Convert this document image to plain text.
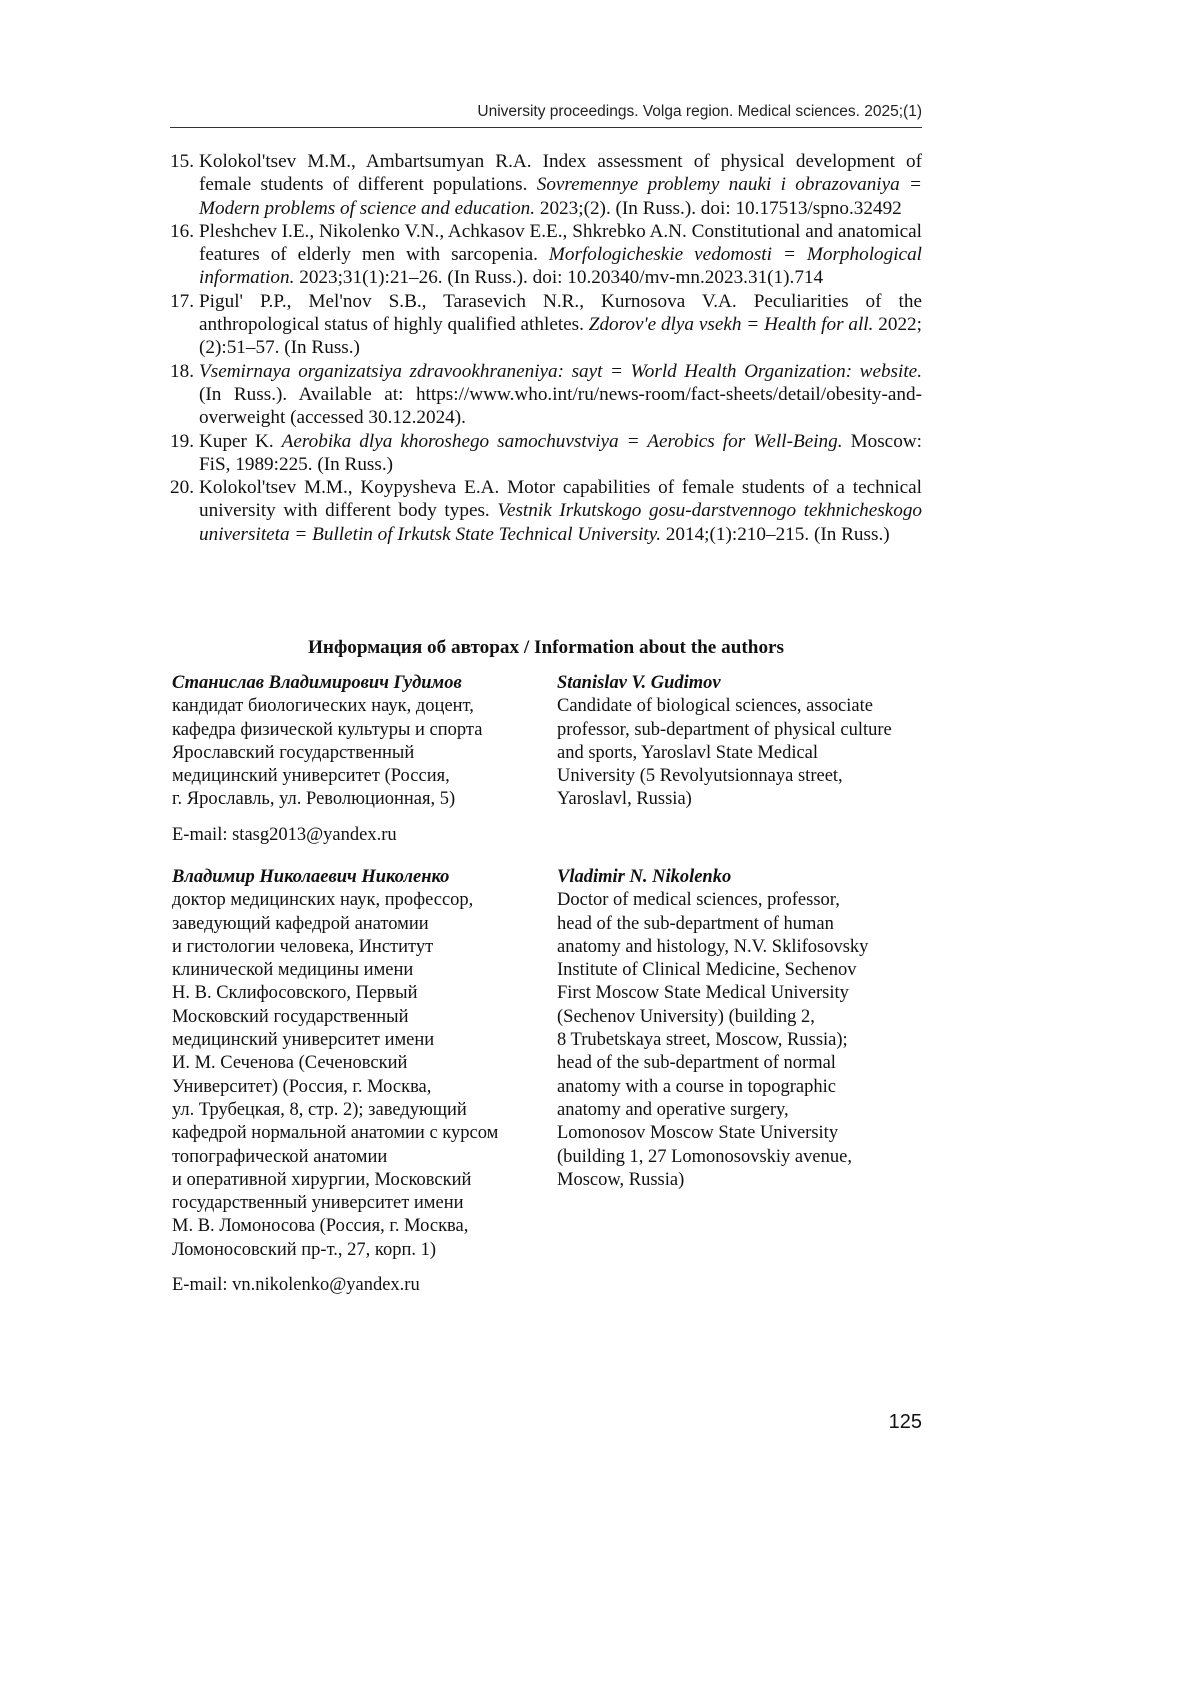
University proceedings. Volga region. Medical sciences. 2025;(1)
15. Kolokol'tsev M.M., Ambartsumyan R.A. Index assessment of physical development of female students of different populations. Sovremennye problemy nauki i obrazovaniya = Modern problems of science and education. 2023;(2). (In Russ.). doi: 10.17513/spno.32492
16. Pleshchev I.E., Nikolenko V.N., Achkasov E.E., Shkrebko A.N. Constitutional and anatomical features of elderly men with sarcopenia. Morfologicheskie vedomosti = Morphological information. 2023;31(1):21–26. (In Russ.). doi: 10.20340/mv-mn.2023.31(1).714
17. Pigul' P.P., Mel'nov S.B., Tarasevich N.R., Kurnosova V.A. Peculiarities of the anthropological status of highly qualified athletes. Zdorov'e dlya vsekh = Health for all. 2022;(2):51–57. (In Russ.)
18. Vsemirnaya organizatsiya zdravookhraneniya: sayt = World Health Organization: website. (In Russ.). Available at: https://www.who.int/ru/news-room/fact-sheets/detail/obesity-and-overweight (accessed 30.12.2024).
19. Kuper K. Aerobika dlya khoroshego samochuvstviya = Aerobics for Well-Being. Moscow: FiS, 1989:225. (In Russ.)
20. Kolokol'tsev M.M., Koypysheva E.A. Motor capabilities of female students of a technical university with different body types. Vestnik Irkutskogo gosu-darstvennogo tekhnicheskogo universiteta = Bulletin of Irkutsk State Technical University. 2014;(1):210–215. (In Russ.)
Информация об авторах / Information about the authors
Станислав Владимирович Гудимов
кандидат биологических наук, доцент,
кафедра физической культуры и спорта
Ярославский государственный
медицинский университет (Россия,
г. Ярославль, ул. Революционная, 5)
Stanislav V. Gudimov
Candidate of biological sciences, associate
professor, sub-department of physical culture
and sports, Yaroslavl State Medical
University (5 Revolyutsionnaya street,
Yaroslavl, Russia)
E-mail: stasg2013@yandex.ru
Владимир Николаевич Николенко
доктор медицинских наук, профессор,
заведующий кафедрой анатомии
и гистологии человека, Институт
клинической медицины имени
Н. В. Склифосовского, Первый
Московский государственный
медицинский университет имени
И. М. Сеченова (Сеченовский
Университет) (Россия, г. Москва,
ул. Трубецкая, 8, стр. 2); заведующий
кафедрой нормальной анатомии с курсом
топографической анатомии
и оперативной хирургии, Московский
государственный университет имени
М. В. Ломоносова (Россия, г. Москва,
Ломоносовский пр-т., 27, корп. 1)
Vladimir N. Nikolenko
Doctor of medical sciences, professor,
head of the sub-department of human
anatomy and histology, N.V. Sklifosovsky
Institute of Clinical Medicine, Sechenov
First Moscow State Medical University
(Sechenov University) (building 2,
8 Trubetskaya street, Moscow, Russia);
head of the sub-department of normal
anatomy with a course in topographic
anatomy and operative surgery,
Lomonosov Moscow State University
(building 1, 27 Lomonosovskiy avenue,
Moscow, Russia)
E-mail: vn.nikolenko@yandex.ru
125
